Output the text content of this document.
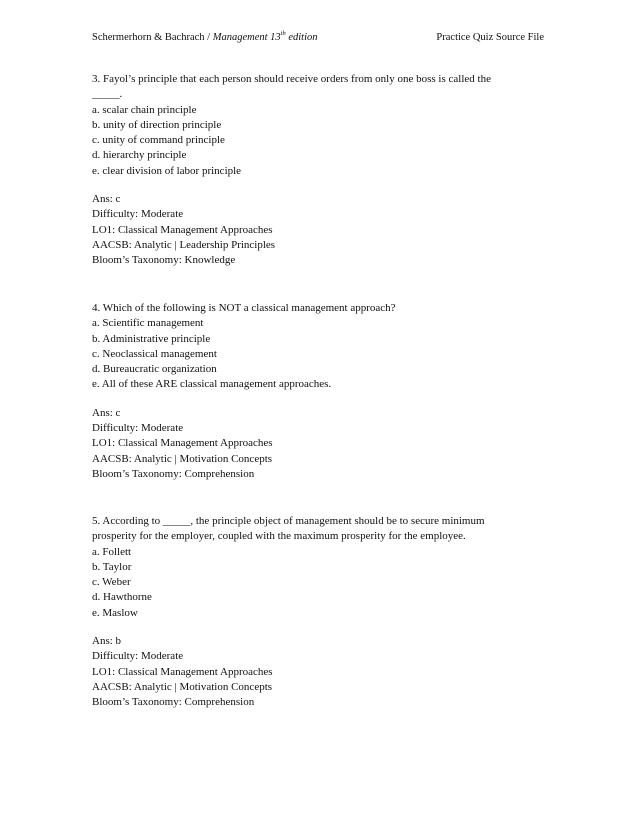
Schermerhorn & Bachrach / Management 13th edition	Practice Quiz Source File
3. Fayol’s principle that each person should receive orders from only one boss is called the
_____.
a. scalar chain principle
b. unity of direction principle
c. unity of command principle
d. hierarchy principle
e. clear division of labor principle
Ans: c
Difficulty: Moderate
LO1: Classical Management Approaches
AACSB: Analytic | Leadership Principles
Bloom’s Taxonomy: Knowledge
4. Which of the following is NOT a classical management approach?
a. Scientific management
b. Administrative principle
c. Neoclassical management
d. Bureaucratic organization
e. All of these ARE classical management approaches.
Ans: c
Difficulty: Moderate
LO1: Classical Management Approaches
AACSB: Analytic | Motivation Concepts
Bloom’s Taxonomy: Comprehension
5. According to _____, the principle object of management should be to secure minimum
prosperity for the employer, coupled with the maximum prosperity for the employee.
a. Follett
b. Taylor
c. Weber
d. Hawthorne
e. Maslow
Ans: b
Difficulty: Moderate
LO1: Classical Management Approaches
AACSB: Analytic | Motivation Concepts
Bloom’s Taxonomy: Comprehension
